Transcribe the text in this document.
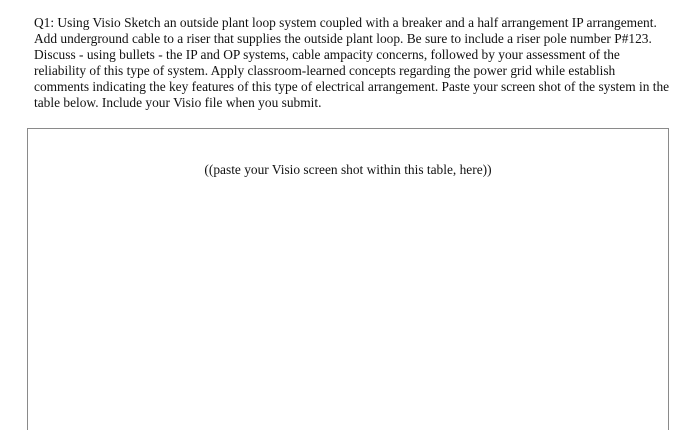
Q1: Using Visio Sketch an outside plant loop system coupled with a breaker and a half arrangement IP arrangement. Add underground cable to a riser that supplies the outside plant loop. Be sure to include a riser pole number P#123. Discuss - using bullets - the IP and OP systems, cable ampacity concerns, followed by your assessment of the reliability of this type of system. Apply classroom-learned concepts regarding the power grid while establish comments indicating the key features of this type of electrical arrangement. Paste your screen shot of the system in the table below. Include your Visio file when you submit.

((paste your Visio screen shot within this table, here))
